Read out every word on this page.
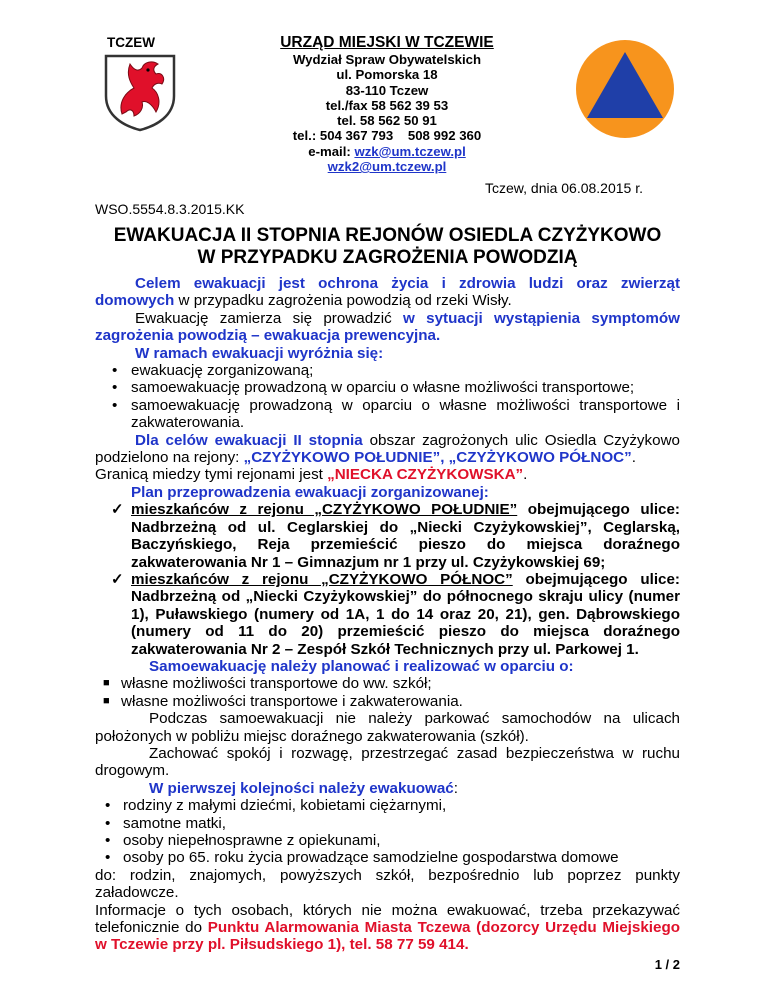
TCZEW	URZĄD MIEJSKI W TCZEWIE
Wydział Spraw Obywatelskich
ul. Pomorska 18
83-110 Tczew
tel./fax 58 562 39 53
tel. 58 562 50 91
tel.: 504 367 793    508 992 360
e-mail: wzk@um.tczew.pl
wzk2@um.tczew.pl
Tczew, dnia 06.08.2015 r.
WSO.5554.8.3.2015.KK
EWAKUACJA II STOPNIA REJONÓW OSIEDLA CZYŻYKOWO
W PRZYPADKU ZAGROŻENIA POWODZIĄ
Celem ewakuacji jest ochrona życia i zdrowia ludzi oraz zwierząt domowych w przypadku zagrożenia powodzią od rzeki Wisły.
Ewakuację zamierza się prowadzić w sytuacji wystąpienia symptomów zagrożenia powodzią – ewakuacja prewencyjna.
W ramach ewakuacji wyróżnia się:
• ewakuację zorganizowaną;
• samoewakuację prowadzoną w oparciu o własne możliwości transportowe;
• samoewakuację prowadzoną w oparciu o własne możliwości transportowe i zakwaterowania.
Dla celów ewakuacji II stopnia obszar zagrożonych ulic Osiedla Czyżykowo podzielono na rejony: „CZYŻYKOWO POŁUDNIE”, „CZYŻYKOWO PÓŁNOC”.
Granicą miedzy tymi rejonami jest „NIECKA CZYŻYKOWSKA”.
Plan przeprowadzenia ewakuacji zorganizowanej:
✓ mieszkańców z rejonu „CZYŻYKOWO POŁUDNIE” obejmującego ulice: Nadbrzeżną od ul. Ceglarskiej do „Niecki Czyżykowskiej”, Ceglarską, Baczyńskiego, Reja przemieścić pieszo do miejsca doraźnego zakwaterowania Nr 1 – Gimnazjum nr 1 przy ul. Czyżykowskiej 69;
✓ mieszkańców z rejonu „CZYŻYKOWO PÓŁNOC” obejmującego ulice: Nadbrzeżną od „Niecki Czyżykowskiej” do północnego skraju ulicy (numer 1), Puławskiego (numery od 1A, 1 do 14 oraz 20, 21), gen. Dąbrowskiego (numery od 11 do 20) przemieścić pieszo do miejsca doraźnego zakwaterowania Nr 2 – Zespół Szkół Technicznych przy ul. Parkowej 1.
Samoewakuację należy planować i realizować w oparciu o:
■ własne możliwości transportowe do ww. szkół;
■ własne możliwości transportowe i zakwaterowania.
Podczas samoewakuacji nie należy parkować samochodów na ulicach położonych w pobliżu miejsc doraźnego zakwaterowania (szkół).
Zachować spokój i rozwagę, przestrzegać zasad bezpieczeństwa w ruchu drogowym.
W pierwszej kolejności należy ewakuować:
• rodziny z małymi dziećmi, kobietami ciężarnymi,
• samotne matki,
• osoby niepełnosprawne z opiekunami,
• osoby po 65. roku życia prowadzące samodzielne gospodarstwa domowe
do: rodzin, znajomych, powyższych szkół, bezpośrednio lub poprzez punkty załadowcze.
Informacje o tych osobach, których nie można ewakuować, trzeba przekazywać telefonicznie do Punktu Alarmowania Miasta Tczewa (dozorcy Urzędu Miejskiego w Tczewie przy pl. Piłsudskiego 1), tel. 58 77 59 414.
1 / 2
